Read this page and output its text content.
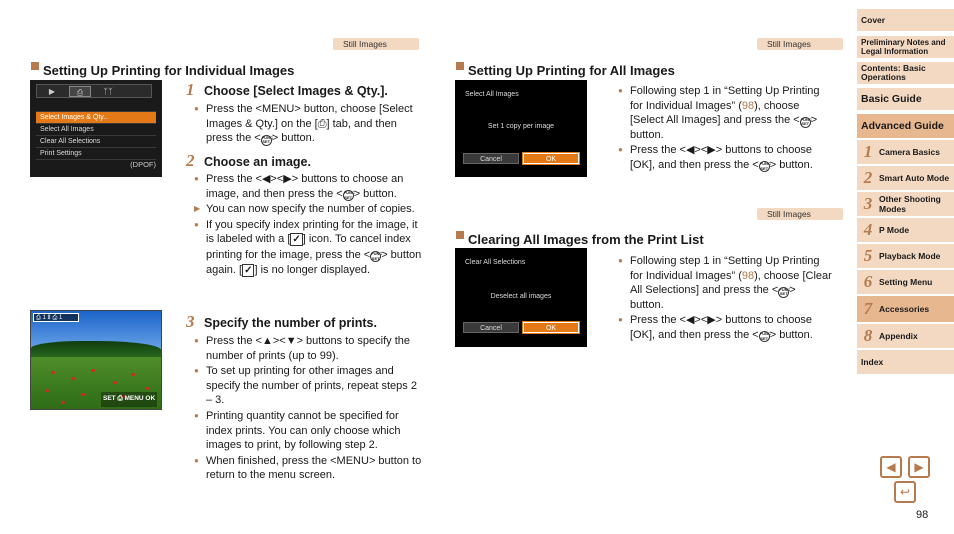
Still Images	Still Images
Still Images
Setting Up Printing for Individual Images
▶	⎙	ᛉᛉ
Select Images & Qty..
Select All Images
Clear All Selections
Print Settings
(DPOF)
⎙ 1 ⇕ ⎙ 1
SET ⎙ MENU OK
1 Choose [Select Images & Qty.].
● Press the <MENU> button, choose [Select Images & Qty.] on the [⎙] tab, and then press the <FUNC SET > button.
2 Choose an image.
● Press the <◀><▶> buttons to choose an image, and then press the <FUNC SET > button.
▶ You can now specify the number of copies.
● If you specify index printing for the image, it is labeled with a [ ✓ ] icon. To cancel index printing for the image, press the <FUNC SET > button again. [ ✓ ] is no longer displayed.
3 Specify the number of prints.
● Press the <▲><▼> buttons to specify the number of prints (up to 99).
● To set up printing for other images and specify the number of prints, repeat steps 2 – 3.
● Printing quantity cannot be specified for index prints. You can only choose which images to print, by following step 2.
● When finished, press the <MENU> button to return to the menu screen.
Setting Up Printing for All Images
Select All Images
Set 1 copy per image
Cancel	OK
● Following step 1 in “Setting Up Printing for Individual Images” (98), choose [Select All Images] and press the <FUNC SET > button.
● Press the <◀><▶> buttons to choose [OK], and then press the <FUNC SET > button.
Clearing All Images from the Print List
Clear All Selections
Deselect all images
Cancel	OK
● Following step 1 in “Setting Up Printing for Individual Images” (98), choose [Clear All Selections] and press the <FUNC SET > button.
● Press the <◀><▶> buttons to choose [OK], and then press the <FUNC SET > button.
Cover
Preliminary Notes and Legal Information
Contents: Basic Operations
Basic Guide
Advanced Guide
1 Camera Basics
2 Smart Auto Mode
3 Other Shooting Modes
4 P Mode
5 Playback Mode
6 Setting Menu
7 Accessories
8 Appendix
Index
◀	▶
↩
98
